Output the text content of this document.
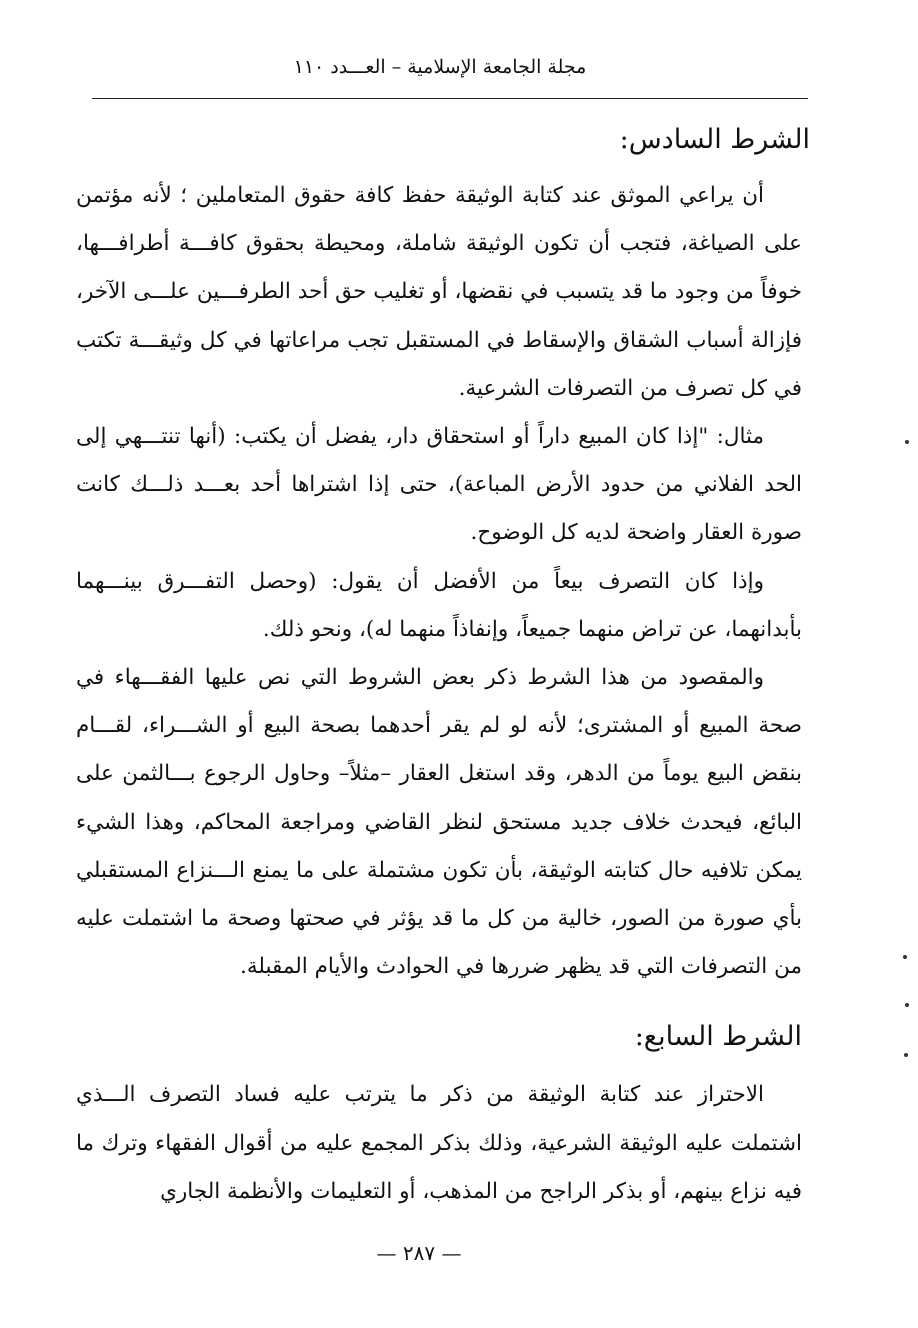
مجلة الجامعة الإسلامية – العـــدد ١١٠
الشرط السادس:

أن يراعي الموثق عند كتابة الوثيقة حفظ كافة حقوق المتعاملين ؛ لأنه مؤتمن على الصياغة، فتجب أن تكون الوثيقة شاملة، ومحيطة بحقوق كافـــة أطرافـــها، خوفاً من وجود ما قد يتسبب في نقضها، أو تغليب حق أحد الطرفـــين علـــى الآخر، فإزالة أسباب الشقاق والإسقاط في المستقبل تجب مراعاتها في كل وثيقـــة تكتب في كل تصرف من التصرفات الشرعية.

مثال: "إذا كان المبيع داراً أو استحقاق دار، يفضل أن يكتب: (أنها تنتـــهي إلى الحد الفلاني من حدود الأرض المباعة)، حتى إذا اشتراها أحد بعـــد ذلـــك كانت صورة العقار واضحة لديه كل الوضوح.

وإذا كان التصرف بيعاً من الأفضل أن يقول: (وحصل التفـــرق بينـــهما بأبدانهما، عن تراض منهما جميعاً، وإنفاذاً منهما له)، ونحو ذلك.

والمقصود من هذا الشرط ذكر بعض الشروط التي نص عليها الفقـــهاء في صحة المبيع أو المشترى؛ لأنه لو لم يقر أحدهما بصحة البيع أو الشـــراء، لقـــام بنقض البيع يوماً من الدهر، وقد استغل العقار –مثلاً– وحاول الرجوع بـــالثمن على البائع، فيحدث خلاف جديد مستحق لنظر القاضي ومراجعة المحاكم، وهذا الشيء يمكن تلافيه حال كتابته الوثيقة، بأن تكون مشتملة على ما يمنع الـــنزاع المستقبلي بأي صورة من الصور، خالية من كل ما قد يؤثر في صحتها وصحة ما اشتملت عليه من التصرفات التي قد يظهر ضررها في الحوادث والأيام المقبلة.

الشرط السابع:

الاحتراز عند كتابة الوثيقة من ذكر ما يترتب عليه فساد التصرف الـــذي اشتملت عليه الوثيقة الشرعية، وذلك بذكر المجمع عليه من أقوال الفقهاء وترك ما فيه نزاع بينهم، أو بذكر الراجح من المذهب، أو التعليمات والأنظمة الجاري

— ٢٨٧ —
